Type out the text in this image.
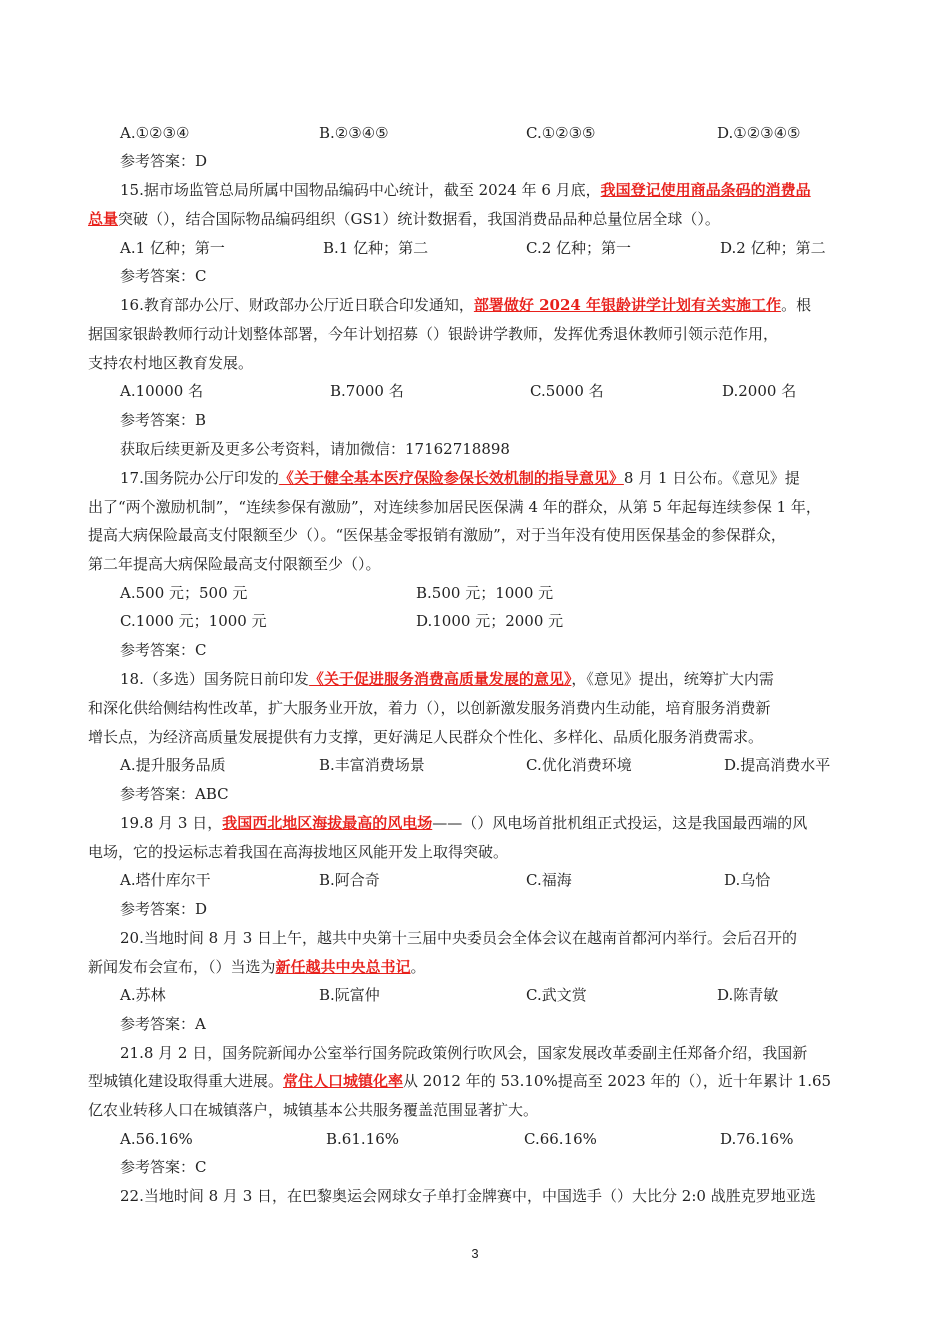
A.①②③④	B.②③④⑤	C.①②③⑤	D.①②③④⑤
参考答案：D
15.据市场监管总局所属中国物品编码中心统计，截至 2024 年 6 月底，我国登记使用商品条码的消费品
总量突破（），结合国际物品编码组织（GS1）统计数据看，我国消费品品种总量位居全球（）。
A.1 亿种；第一	B.1 亿种；第二	C.2 亿种；第一	D.2 亿种；第二
参考答案：C
16.教育部办公厅、财政部办公厅近日联合印发通知，部署做好 2024 年银龄讲学计划有关实施工作。根
据国家银龄教师行动计划整体部署，今年计划招募（）银龄讲学教师，发挥优秀退休教师引领示范作用，
支持农村地区教育发展。
A.10000 名	B.7000 名	C.5000 名	D.2000 名
参考答案：B
获取后续更新及更多公考资料，请加微信：17162718898
17.国务院办公厅印发的《关于健全基本医疗保险参保长效机制的指导意见》8 月 1 日公布。《意见》提
出了“两个激励机制”，“连续参保有激励”，对连续参加居民医保满 4 年的群众，从第 5 年起每连续参保 1 年，
提高大病保险最高支付限额至少（）。“医保基金零报销有激励”，对于当年没有使用医保基金的参保群众，
第二年提高大病保险最高支付限额至少（）。
A.500 元；500 元	B.500 元；1000 元
C.1000 元；1000 元	D.1000 元；2000 元
参考答案：C
18.（多选）国务院日前印发《关于促进服务消费高质量发展的意见》，《意见》提出，统筹扩大内需
和深化供给侧结构性改革，扩大服务业开放，着力（），以创新激发服务消费内生动能，培育服务消费新
增长点，为经济高质量发展提供有力支撑，更好满足人民群众个性化、多样化、品质化服务消费需求。
A.提升服务品质	B.丰富消费场景	C.优化消费环境	D.提高消费水平
参考答案：ABC
19.8 月 3 日，我国西北地区海拔最高的风电场——（）风电场首批机组正式投运，这是我国最西端的风
电场，它的投运标志着我国在高海拔地区风能开发上取得突破。
A.塔什库尔干	B.阿合奇	C.福海	D.乌恰
参考答案：D
20.当地时间 8 月 3 日上午，越共中央第十三届中央委员会全体会议在越南首都河内举行。会后召开的
新闻发布会宣布，（）当选为新任越共中央总书记。
A.苏林	B.阮富仲	C.武文赏	D.陈青敏
参考答案：A
21.8 月 2 日，国务院新闻办公室举行国务院政策例行吹风会，国家发展改革委副主任郑备介绍，我国新
型城镇化建设取得重大进展。常住人口城镇化率从 2012 年的 53.10%提高至 2023 年的（），近十年累计 1.65
亿农业转移人口在城镇落户，城镇基本公共服务覆盖范围显著扩大。
A.56.16%	B.61.16%	C.66.16%	D.76.16%
参考答案：C
22.当地时间 8 月 3 日，在巴黎奥运会网球女子单打金牌赛中，中国选手（）大比分 2:0 战胜克罗地亚选
3
